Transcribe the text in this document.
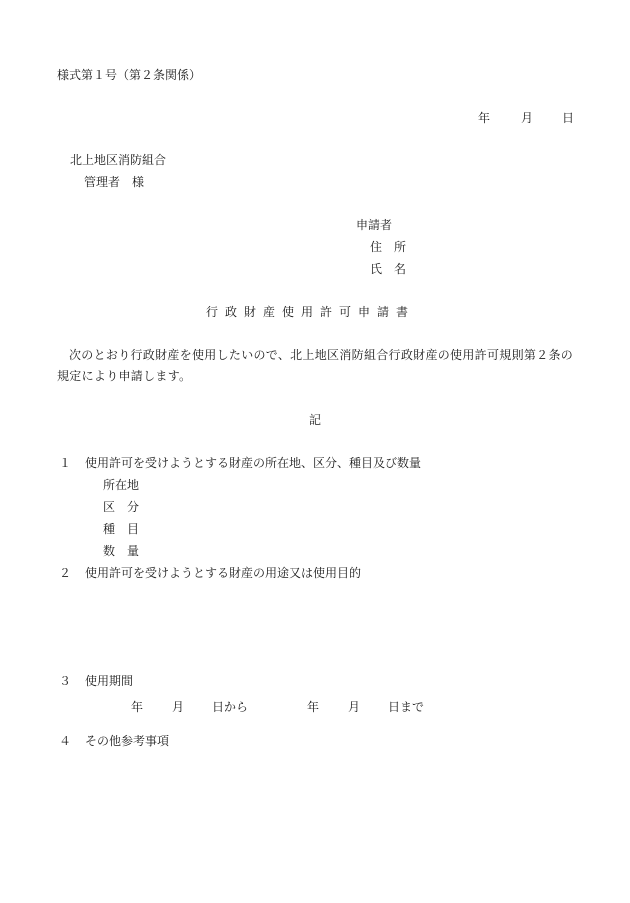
様式第１号（第２条関係）
年	月 日
北上地区消防組合
管理者　様
申請者
住　所
氏　名
行政財産使用許可申請書
次のとおり行政財産を使用したいので、北上地区消防組合行政財産の使用許可規則第２条の規定により申請します。
記
１ 使用許可を受けようとする財産の所在地、区分、種目及び数量
所在地
区　分
種　目
数　量
２ 使用許可を受けようとする財産の用途又は使用目的
３ 使用期間
年 月 日から	年 月 日まで
４ その他参考事項
